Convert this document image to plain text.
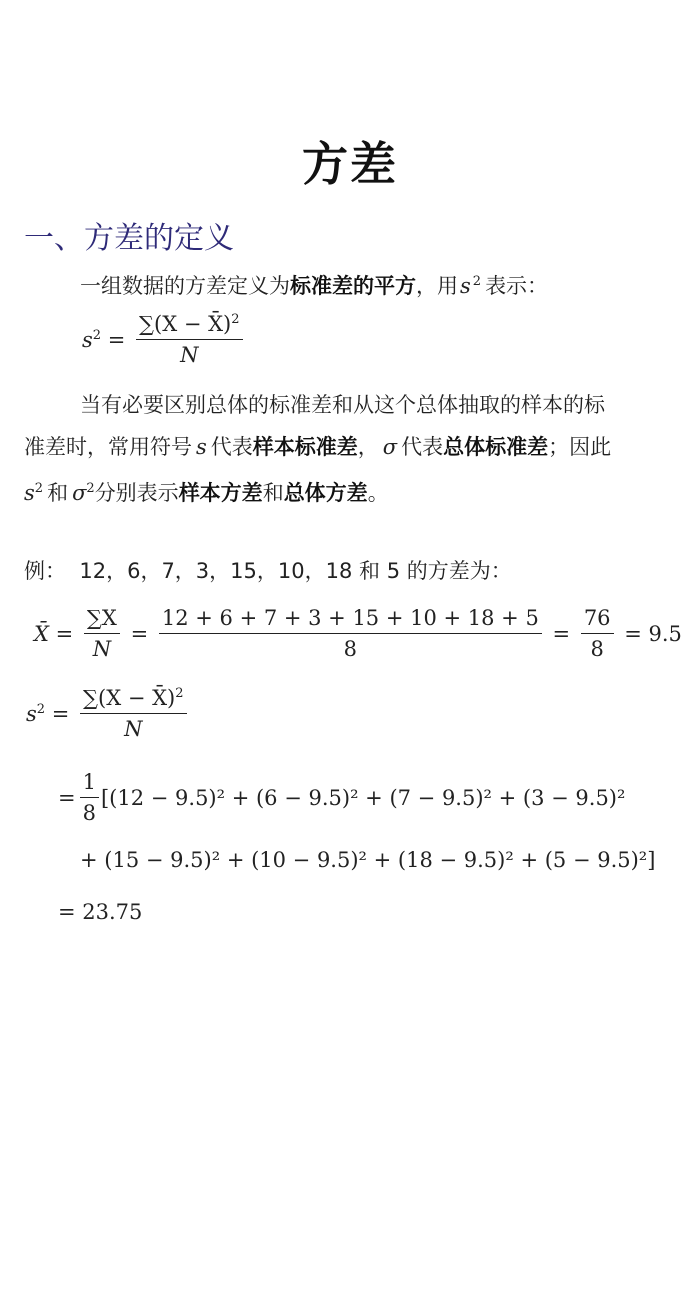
方差
一、方差的定义
一组数据的方差定义为标准差的平方，用s $^2$ 表示：
$s^2 = \frac{\sum(X - X̄)^2}{N}$
当有必要区别总体的标准差和从这个总体抽取的样本的标
准差时，常用符号 s 代表样本标准差， σ 代表总体标准差；因此
$s^2$ 和 $\sigma^2$分别表示样本方差和总体方差。
例： 12，6，7，3，15，10，18 和 5 的方差为：
X̄ = $\frac{\sum X}{N} = \frac{12 + 6 + 7 + 3 + 15 + 10 + 18 + 5}{8} = \frac{76}{8} = 9.5$
$s^2 = \frac{\sum(X - X̄)^2}{N}$
= $\frac{1}{8} [(12 - 9.5)^2 + (6 - 9.5)^2 + (7 - 9.5)^2 + (3 - 9.5)^2$
+ (15 − 9.5)² + (10 − 9.5)² + (18 − 9.5)² + (5 − 9.5)²]
= 23.75
